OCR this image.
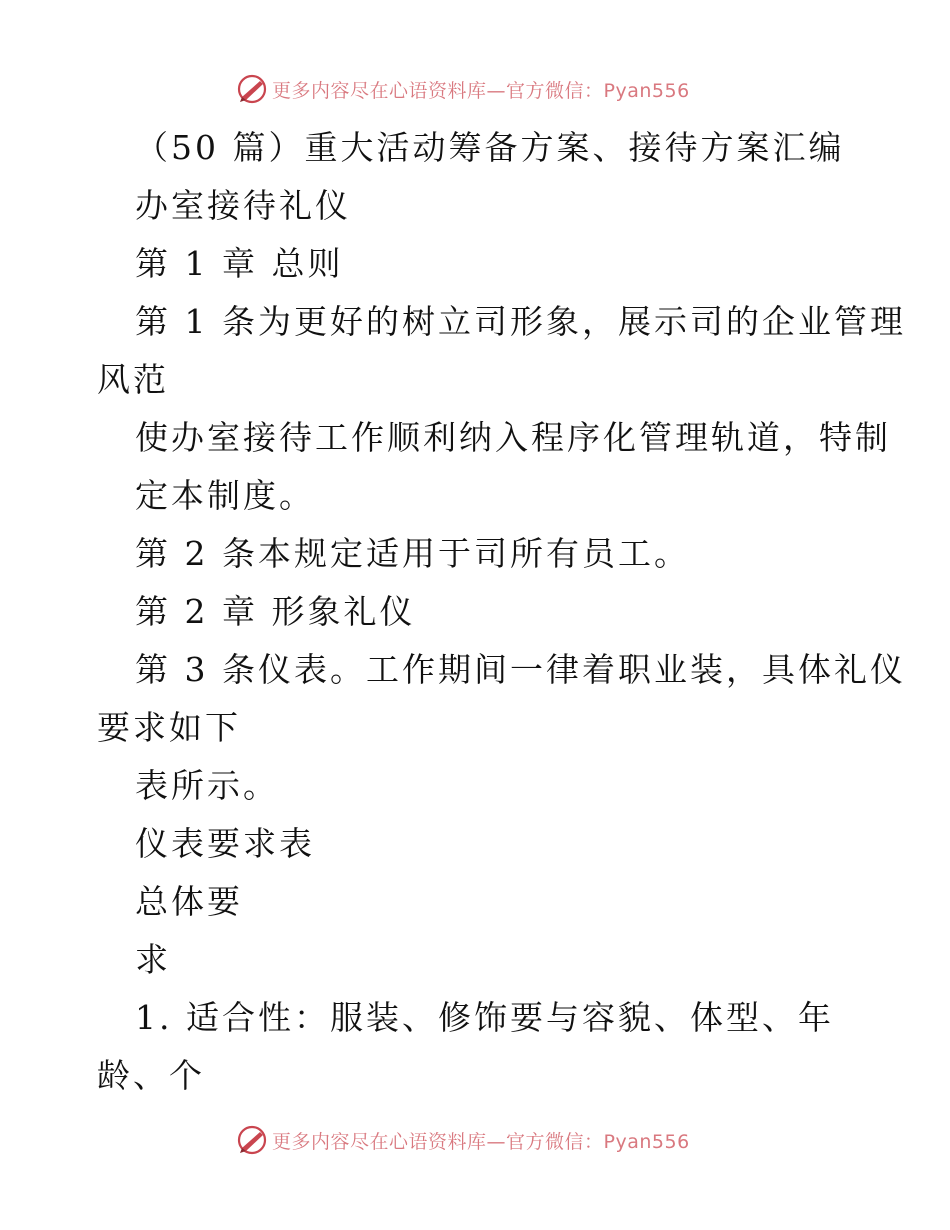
更多内容尽在心语资料库—官方微信：Pyan556
（50 篇）重大活动筹备方案、接待方案汇编
办室接待礼仪
第 1 章 总则
第 1 条为更好的树立司形象，展示司的企业管理
风范
使办室接待工作顺利纳入程序化管理轨道，特制
定本制度。
第 2 条本规定适用于司所有员工。
第 2 章 形象礼仪
第 3 条仪表。工作期间一律着职业装，具体礼仪
要求如下
表所示。
仪表要求表
总体要
求
1. 适合性：服装、修饰要与容貌、体型、年
龄、个
更多内容尽在心语资料库—官方微信：Pyan556
